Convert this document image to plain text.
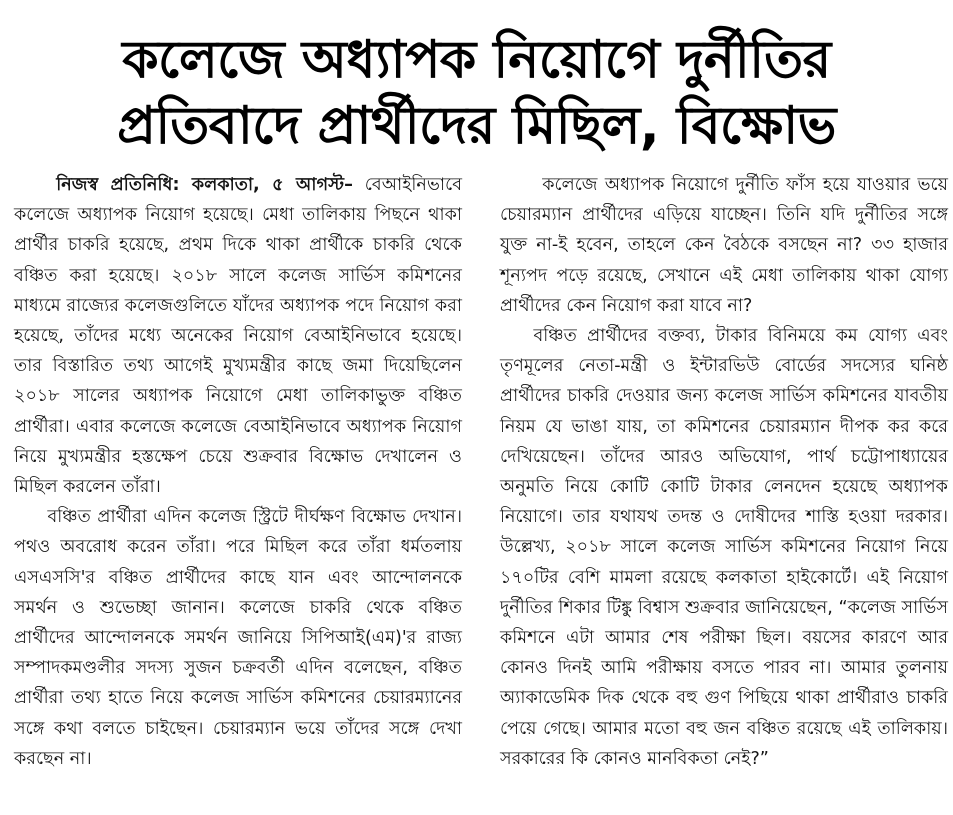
কলেজে অধ্যাপক নিয়োগে দুর্নীতির
প্রতিবাদে প্রার্থীদের মিছিল, বিক্ষোভ

নিজস্ব প্রতিনিধি: কলকাতা, ৫ আগস্ট– বেআইনিভাবে কলেজে অধ্যাপক নিয়োগ হয়েছে। মেধা তালিকায় পিছনে থাকা প্রার্থীর চাকরি হয়েছে, প্রথম দিকে থাকা প্রার্থীকে চাকরি থেকে বঞ্চিত করা হয়েছে। ২০১৮ সালে কলেজ সার্ভিস কমিশনের মাধ্যমে রাজ্যের কলেজগুলিতে যাঁদের অধ্যাপক পদে নিয়োগ করা হয়েছে, তাঁদের মধ্যে অনেকের নিয়োগ বেআইনিভাবে হয়েছে। তার বিস্তারিত তথ্য আগেই মুখ্যমন্ত্রীর কাছে জমা দিয়েছিলেন ২০১৮ সালের অধ্যাপক নিয়োগে মেধা তালিকাভুক্ত বঞ্চিত প্রার্থীরা। এবার কলেজে কলেজে বেআইনিভাবে অধ্যাপক নিয়োগ নিয়ে মুখ্যমন্ত্রীর হস্তক্ষেপ চেয়ে শুক্রবার বিক্ষোভ দেখালেন ও মিছিল করলেন তাঁরা।

বঞ্চিত প্রার্থীরা এদিন কলেজ স্ট্রিটে দীর্ঘক্ষণ বিক্ষোভ দেখান। পথও অবরোধ করেন তাঁরা। পরে মিছিল করে তাঁরা ধর্মতলায় এসএসসি'র বঞ্চিত প্রার্থীদের কাছে যান এবং আন্দোলনকে সমর্থন ও শুভেচ্ছা জানান। কলেজে চাকরি থেকে বঞ্চিত প্রার্থীদের আন্দোলনকে সমর্থন জানিয়ে সিপিআই(এম)'র রাজ্য সম্পাদকমণ্ডলীর সদস্য সুজন চক্রবর্তী এদিন বলেছেন, বঞ্চিত প্রার্থীরা তথ্য হাতে নিয়ে কলেজ সার্ভিস কমিশনের চেয়ারম্যানের সঙ্গে কথা বলতে চাইছেন। চেয়ারম্যান ভয়ে তাঁদের সঙ্গে দেখা করছেন না।

কলেজে অধ্যাপক নিয়োগে দুর্নীতি ফাঁস হয়ে যাওয়ার ভয়ে চেয়ারম্যান প্রার্থীদের এড়িয়ে যাচ্ছেন। তিনি যদি দুর্নীতির সঙ্গে যুক্ত না-ই হবেন, তাহলে কেন বৈঠকে বসছেন না? ৩৩ হাজার শূন্যপদ পড়ে রয়েছে, সেখানে এই মেধা তালিকায় থাকা যোগ্য প্রার্থীদের কেন নিয়োগ করা যাবে না?

বঞ্চিত প্রার্থীদের বক্তব্য, টাকার বিনিময়ে কম যোগ্য এবং তৃণমূলের নেতা-মন্ত্রী ও ইন্টারভিউ বোর্ডের সদস্যের ঘনিষ্ঠ প্রার্থীদের চাকরি দেওয়ার জন্য কলেজ সার্ভিস কমিশনের যাবতীয় নিয়ম যে ভাঙা যায়, তা কমিশনের চেয়ারম্যান দীপক কর করে দেখিয়েছেন। তাঁদের আরও অভিযোগ, পার্থ চট্টোপাধ্যায়ের অনুমতি নিয়ে কোটি কোটি টাকার লেনদেন হয়েছে অধ্যাপক নিয়োগে। তার যথাযথ তদন্ত ও দোষীদের শাস্তি হওয়া দরকার। উল্লেখ্য, ২০১৮ সালে কলেজ সার্ভিস কমিশনের নিয়োগ নিয়ে ১৭০টির বেশি মামলা রয়েছে কলকাতা হাইকোর্টে। এই নিয়োগ দুর্নীতির শিকার টিঙ্কু বিশ্বাস শুক্রবার জানিয়েছেন, “কলেজ সার্ভিস কমিশনে এটা আমার শেষ পরীক্ষা ছিল। বয়সের কারণে আর কোনও দিনই আমি পরীক্ষায় বসতে পারব না। আমার তুলনায় অ্যাকাডেমিক দিক থেকে বহু গুণ পিছিয়ে থাকা প্রার্থীরাও চাকরি পেয়ে গেছে। আমার মতো বহু জন বঞ্চিত রয়েছে এই তালিকায়। সরকারের কি কোনও মানবিকতা নেই?”
